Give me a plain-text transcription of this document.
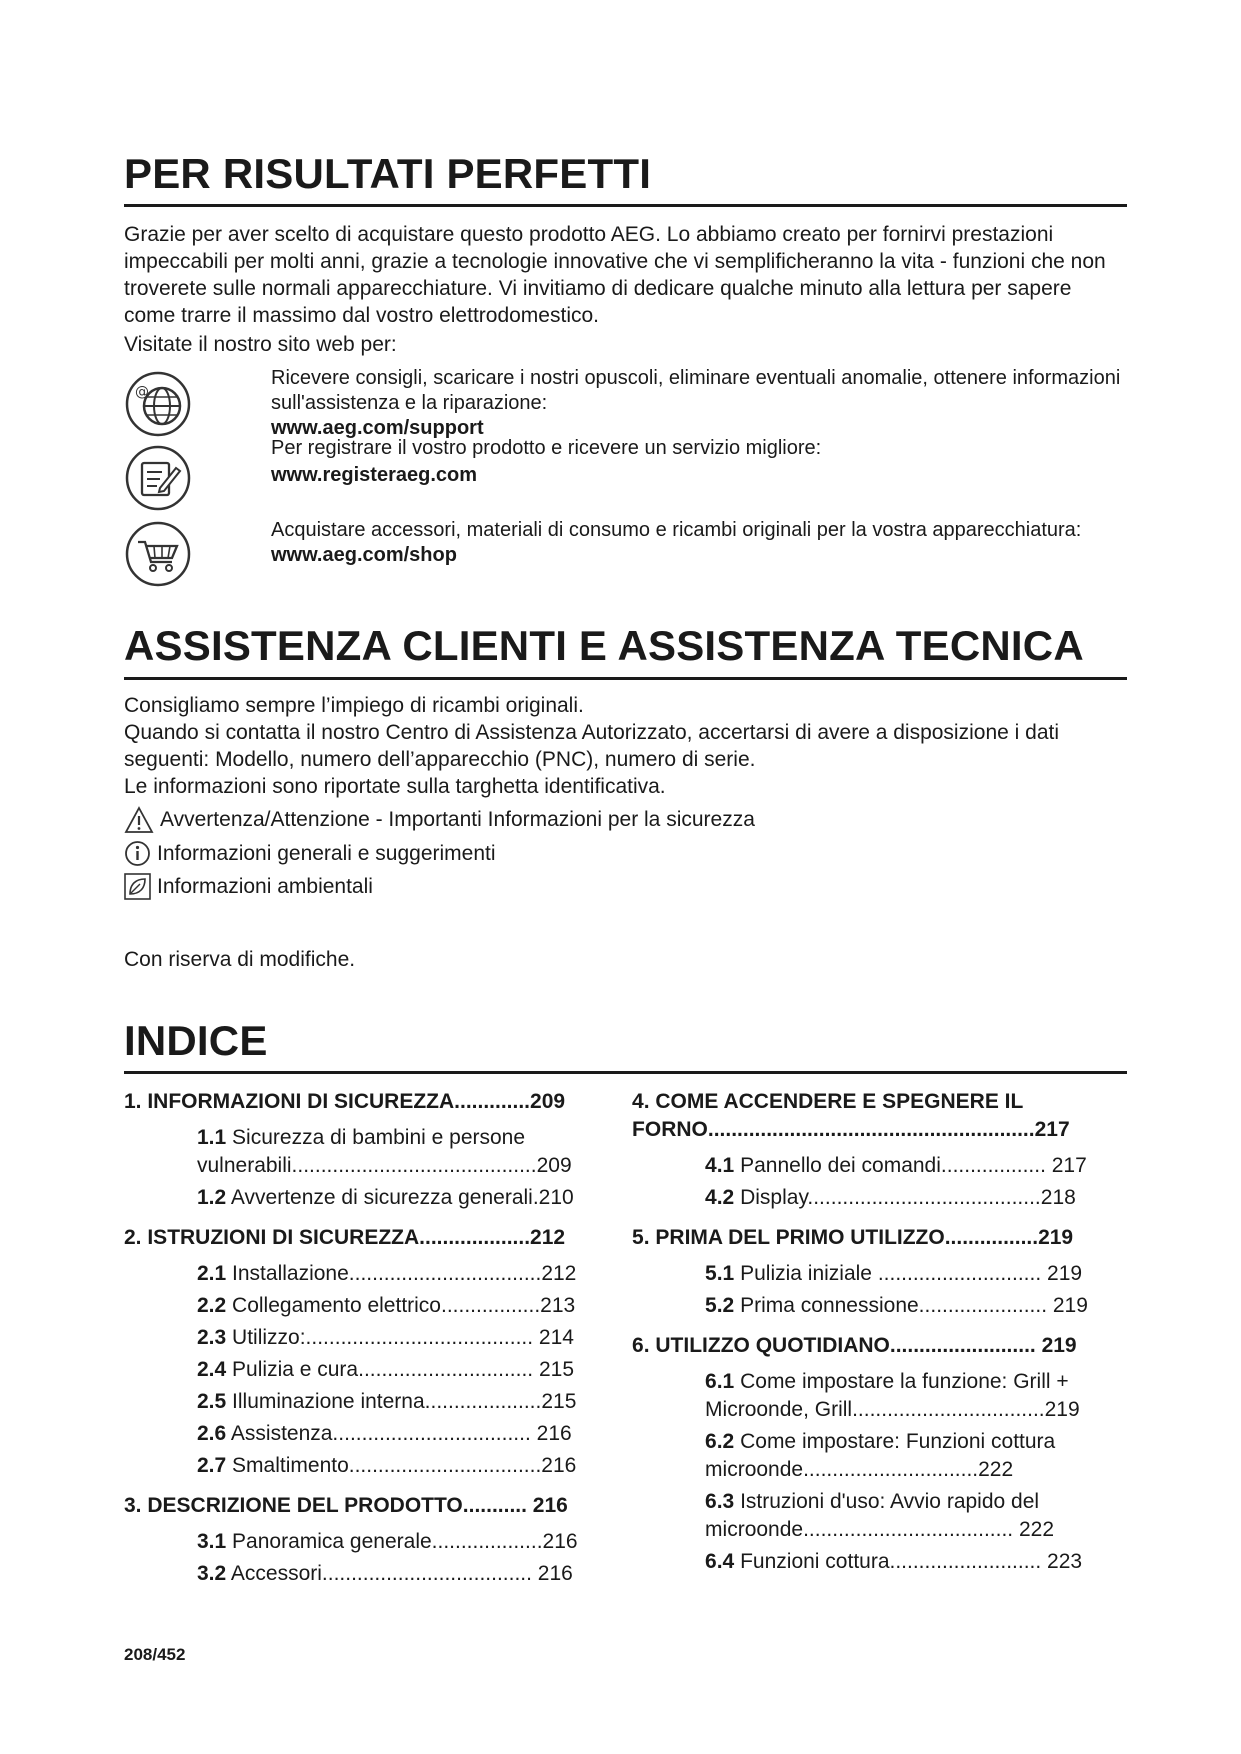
PER RISULTATI PERFETTI

Grazie per aver scelto di acquistare questo prodotto AEG. Lo abbiamo creato per fornirvi prestazioni impeccabili per molti anni, grazie a tecnologie innovative che vi semplificheranno la vita - funzioni che non troverete sulle normali apparecchiature. Vi invitiamo di dedicare qualche minuto alla lettura per sapere come trarre il massimo dal vostro elettrodomestico.

Visitate il nostro sito web per:

@
Ricevere consigli, scaricare i nostri opuscoli, eliminare eventuali anomalie, ottenere informazioni sull'assistenza e la riparazione:
www.aeg.com/support
Per registrare il vostro prodotto e ricevere un servizio migliore:
www.registeraeg.com
Acquistare accessori, materiali di consumo e ricambi originali per la vostra apparecchiatura:
www.aeg.com/shop
ASSISTENZA CLIENTI E ASSISTENZA TECNICA

Consigliamo sempre l’impiego di ricambi originali.

Quando si contatta il nostro Centro di Assistenza Autorizzato, accertarsi di avere a disposizione i dati seguenti: Modello, numero dell’apparecchio (PNC), numero di serie.

Le informazioni sono riportate sulla targhetta identificativa.

Avvertenza/Attenzione - Importanti Informazioni per la sicurezza
Informazioni generali e suggerimenti
Informazioni ambientali

Con riserva di modifiche.

INDICE
1. INFORMAZIONI DI SICUREZZA.............209
1.1 Sicurezza di bambini e persone vulnerabili..........................................209
1.2 Avvertenze di sicurezza generali.210
2. ISTRUZIONI DI SICUREZZA...................212
2.1 Installazione.................................212
2.2 Collegamento elettrico.................213
2.3 Utilizzo:....................................... 214
2.4 Pulizia e cura.............................. 215
2.5 Illuminazione interna....................215
2.6 Assistenza.................................. 216
2.7 Smaltimento.................................216
3. DESCRIZIONE DEL PRODOTTO........... 216
3.1 Panoramica generale...................216
3.2 Accessori.................................... 216
4. COME ACCENDERE E SPEGNERE IL FORNO........................................................217
4.1 Pannello dei comandi.................. 217
4.2 Display........................................218
5. PRIMA DEL PRIMO UTILIZZO................219
5.1 Pulizia iniziale ............................ 219
5.2 Prima connessione...................... 219
6. UTILIZZO QUOTIDIANO......................... 219
6.1 Come impostare la funzione: Grill + Microonde, Grill.................................219
6.2 Come impostare: Funzioni cottura microonde..............................222
6.3 Istruzioni d'uso: Avvio rapido del microonde.................................... 222
6.4 Funzioni cottura.......................... 223
208/452
